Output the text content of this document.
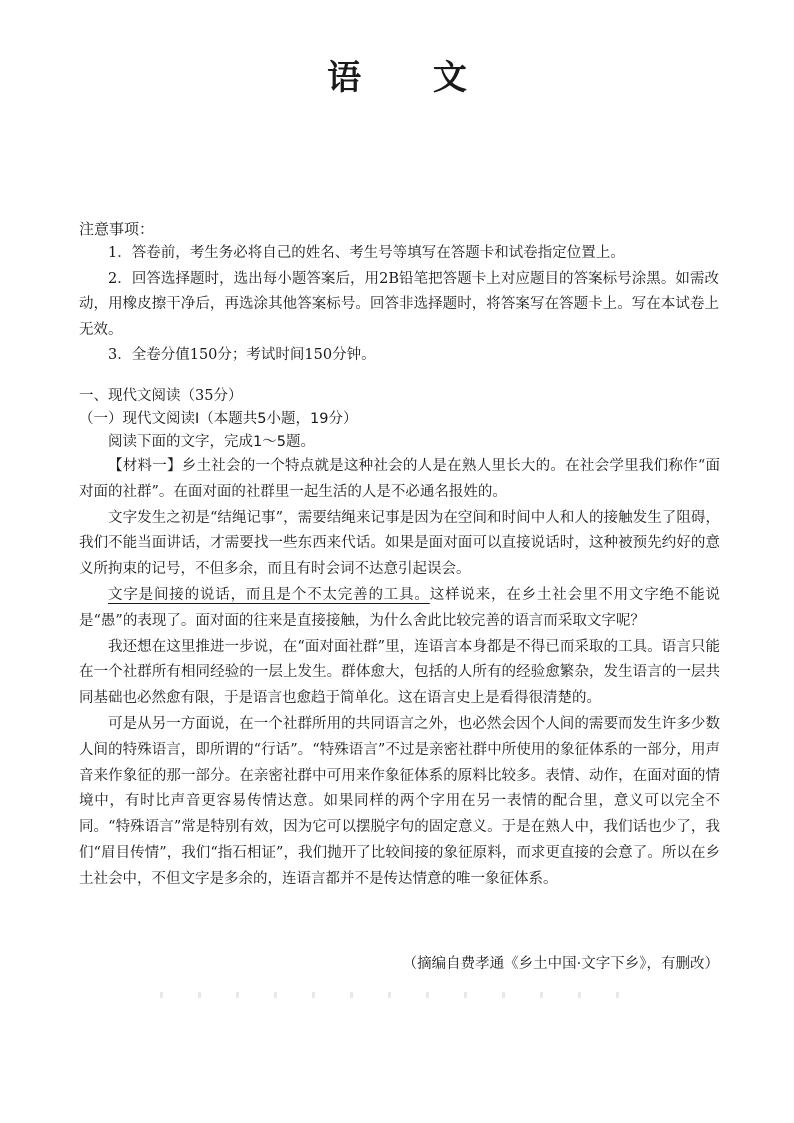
语 文
注意事项：

1．答卷前，考生务必将自己的姓名、考生号等填写在答题卡和试卷指定位置上。

2．回答选择题时，选出每小题答案后，用2B铅笔把答题卡上对应题目的答案标号涂黑。如需改动，用橡皮擦干净后，再选涂其他答案标号。回答非选择题时，将答案写在答题卡上。写在本试卷上无效。

3．全卷分值150分；考试时间150分钟。

一、现代文阅读（35分）
（一）现代文阅读Ⅰ（本题共5小题，19分）
阅读下面的文字，完成1～5题。

【材料一】乡土社会的一个特点就是这种社会的人是在熟人里长大的。在社会学里我们称作“面对面的社群”。在面对面的社群里一起生活的人是不必通名报姓的。

文字发生之初是“结绳记事”，需要结绳来记事是因为在空间和时间中人和人的接触发生了阻碍，我们不能当面讲话，才需要找一些东西来代话。如果是面对面可以直接说话时，这种被预先约好的意义所拘束的记号，不但多余，而且有时会词不达意引起误会。

文字是间接的说话，而且是个不太完善的工具。这样说来，在乡土社会里不用文字绝不能说是“愚”的表现了。面对面的往来是直接接触，为什么舍此比较完善的语言而采取文字呢？

我还想在这里推进一步说，在“面对面社群”里，连语言本身都是不得已而采取的工具。语言只能在一个社群所有相同经验的一层上发生。群体愈大，包括的人所有的经验愈繁杂，发生语言的一层共同基础也必然愈有限，于是语言也愈趋于简单化。这在语言史上是看得很清楚的。

可是从另一方面说，在一个社群所用的共同语言之外，也必然会因个人间的需要而发生许多少数人间的特殊语言，即所谓的“行话”。“特殊语言”不过是亲密社群中所使用的象征体系的一部分，用声音来作象征的那一部分。在亲密社群中可用来作象征体系的原料比较多。表情、动作，在面对面的情境中，有时比声音更容易传情达意。如果同样的两个字用在另一表情的配合里，意义可以完全不同。“特殊语言”常是特别有效，因为它可以摆脱字句的固定意义。于是在熟人中，我们话也少了，我们“眉目传情”，我们“指石相证”，我们抛开了比较间接的象征原料，而求更直接的会意了。所以在乡土社会中，不但文字是多余的，连语言都并不是传达情意的唯一象征体系。

（摘编自费孝通《乡土中国·文字下乡》，有删改）
